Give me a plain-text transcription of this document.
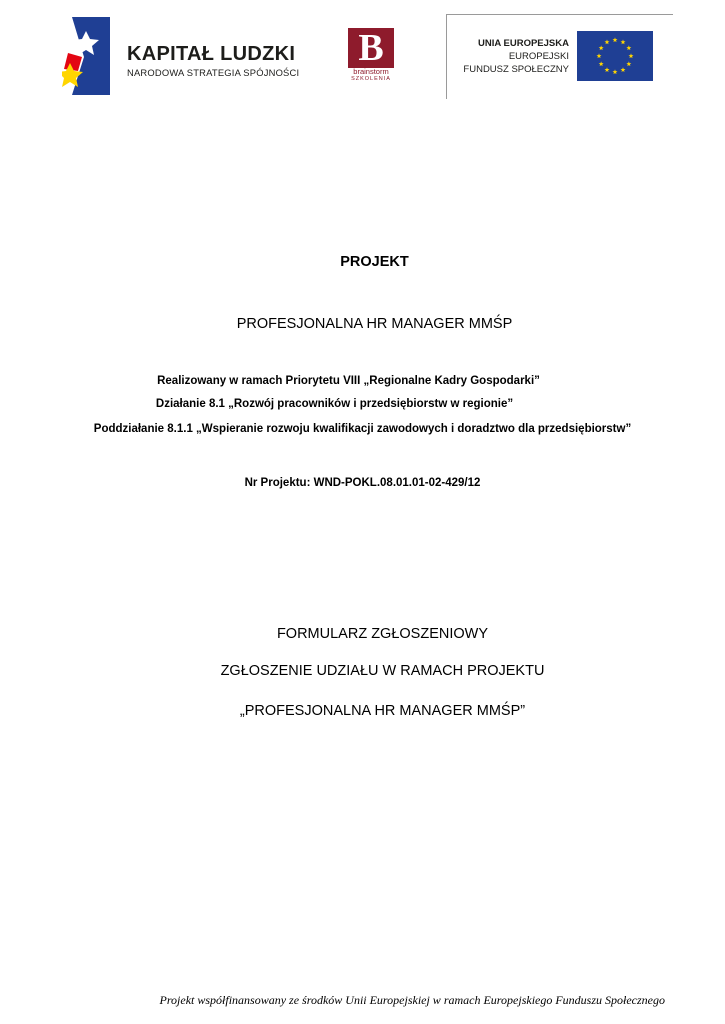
KAPITAŁ LUDZKI
NARODOWA STRATEGIA SPÓJNOŚCI
B
brainstorm
SZKOLENIA
UNIA EUROPEJSKA
EUROPEJSKI
FUNDUSZ SPOŁECZNY
PROJEKT
PROFESJONALNA HR MANAGER MMŚP
Realizowany w ramach Priorytetu VIII „Regionalne Kadry Gospodarki”
Działanie 8.1 „Rozwój pracowników i przedsiębiorstw w regionie”
Poddziałanie 8.1.1 „Wspieranie rozwoju kwalifikacji zawodowych i doradztwo dla przedsiębiorstw”
Nr Projektu: WND-POKL.08.01.01-02-429/12
FORMULARZ ZGŁOSZENIOWY
ZGŁOSZENIE UDZIAŁU W RAMACH PROJEKTU
„PROFESJONALNA HR MANAGER MMŚP”
Projekt współfinansowany ze środków Unii Europejskiej w ramach Europejskiego Funduszu Społecznego
